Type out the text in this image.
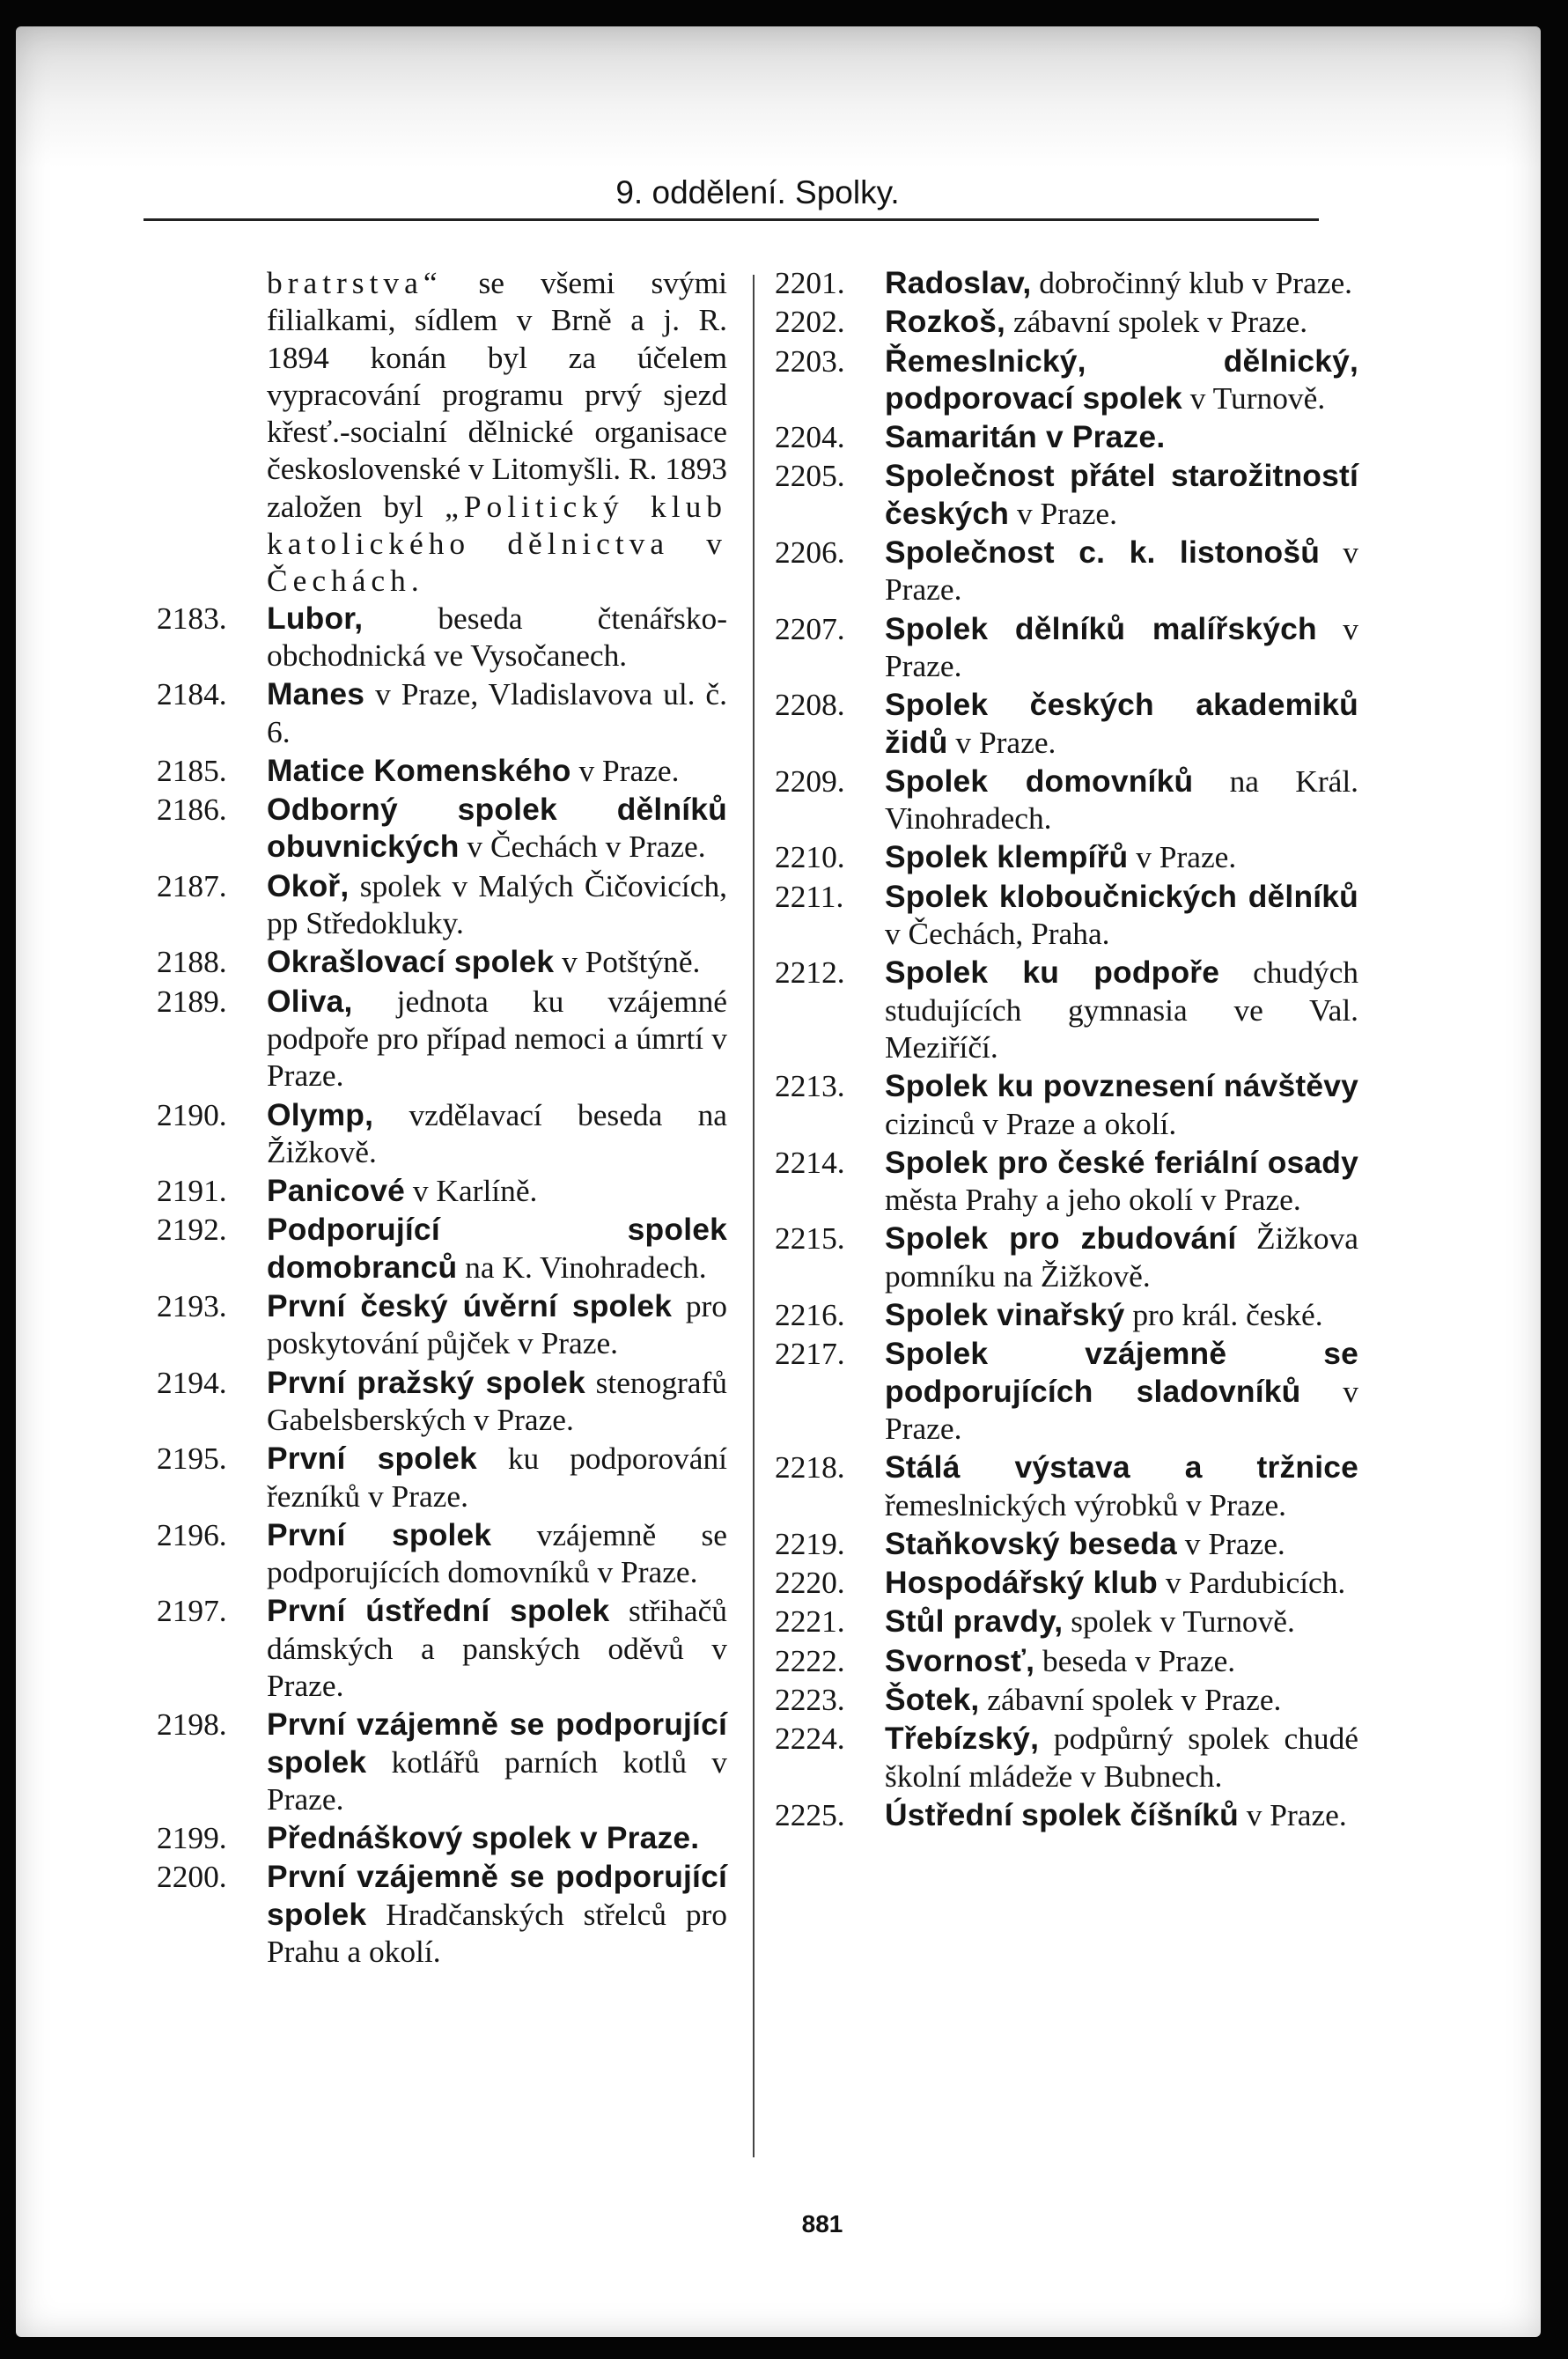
9. oddělení. Spolky.
bratrstva“ se všemi svými filialkami, sídlem v Brně a j. R. 1894 konán byl za účelem vypracování programu prvý sjezd křesť.-socialní dělnické organisace československé v Litomyšli. R. 1893 založen byl „Politický klub katolického dělnictva v Čechách.
2183.	Lubor, beseda čtenářsko-obchodnická ve Vysočanech.
2184.	Manes v Praze, Vladislavova ul. č. 6.
2185.	Matice Komenského v Praze.
2186.	Odborný spolek dělníků obuvnických v Čechách v Praze.
2187.	Okoř, spolek v Malých Čičovicích, pp Středokluky.
2188.	Okrašlovací spolek v Potštýně.
2189.	Oliva, jednota ku vzájemné podpoře pro případ nemoci a úmrtí v Praze.
2190.	Olymp, vzdělavací beseda na Žižkově.
2191.	Panicové v Karlíně.
2192.	Podporující spolek domobranců na K. Vinohradech.
2193.	První český úvěrní spolek pro poskytování půjček v Praze.
2194.	První pražský spolek stenografů Gabelsberských v Praze.
2195.	První spolek ku podporování řezníků v Praze.
2196.	První spolek vzájemně se podporujících domovníků v Praze.
2197.	První ústřední spolek střihačů dámských a panských oděvů v Praze.
2198.	První vzájemně se podporující spolek kotlářů parních kotlů v Praze.
2199.	Přednáškový spolek v Praze.
2200.	První vzájemně se podporující spolek Hradčanských střelců pro Prahu a okolí.
2201.	Radoslav, dobročinný klub v Praze.
2202.	Rozkoš, zábavní spolek v Praze.
2203.	Řemeslnický, dělnický, podporovací spolek v Turnově.
2204.	Samaritán v Praze.
2205.	Společnost přátel starožitností českých v Praze.
2206.	Společnost c. k. listonošů v Praze.
2207.	Spolek dělníků malířských v Praze.
2208.	Spolek českých akademiků židů v Praze.
2209.	Spolek domovníků na Král. Vinohradech.
2210.	Spolek klempířů v Praze.
2211.	Spolek kloboučnických dělníků v Čechách, Praha.
2212.	Spolek ku podpoře chudých studujících gymnasia ve Val. Meziříčí.
2213.	Spolek ku povznesení návštěvy cizinců v Praze a okolí.
2214.	Spolek pro české feriální osady města Prahy a jeho okolí v Praze.
2215.	Spolek pro zbudování Žižkova pomníku na Žižkově.
2216.	Spolek vinařský pro král. české.
2217.	Spolek vzájemně se podporujících sladovníků v Praze.
2218.	Stálá výstava a tržnice řemeslnických výrobků v Praze.
2219.	Staňkovský beseda v Praze.
2220.	Hospodářský klub v Pardubicích.
2221.	Stůl pravdy, spolek v Turnově.
2222.	Svornosť, beseda v Praze.
2223.	Šotek, zábavní spolek v Praze.
2224.	Třebízský, podpůrný spolek chudé školní mládeže v Bubnech.
2225.	Ústřední spolek číšníků v Praze.
881
